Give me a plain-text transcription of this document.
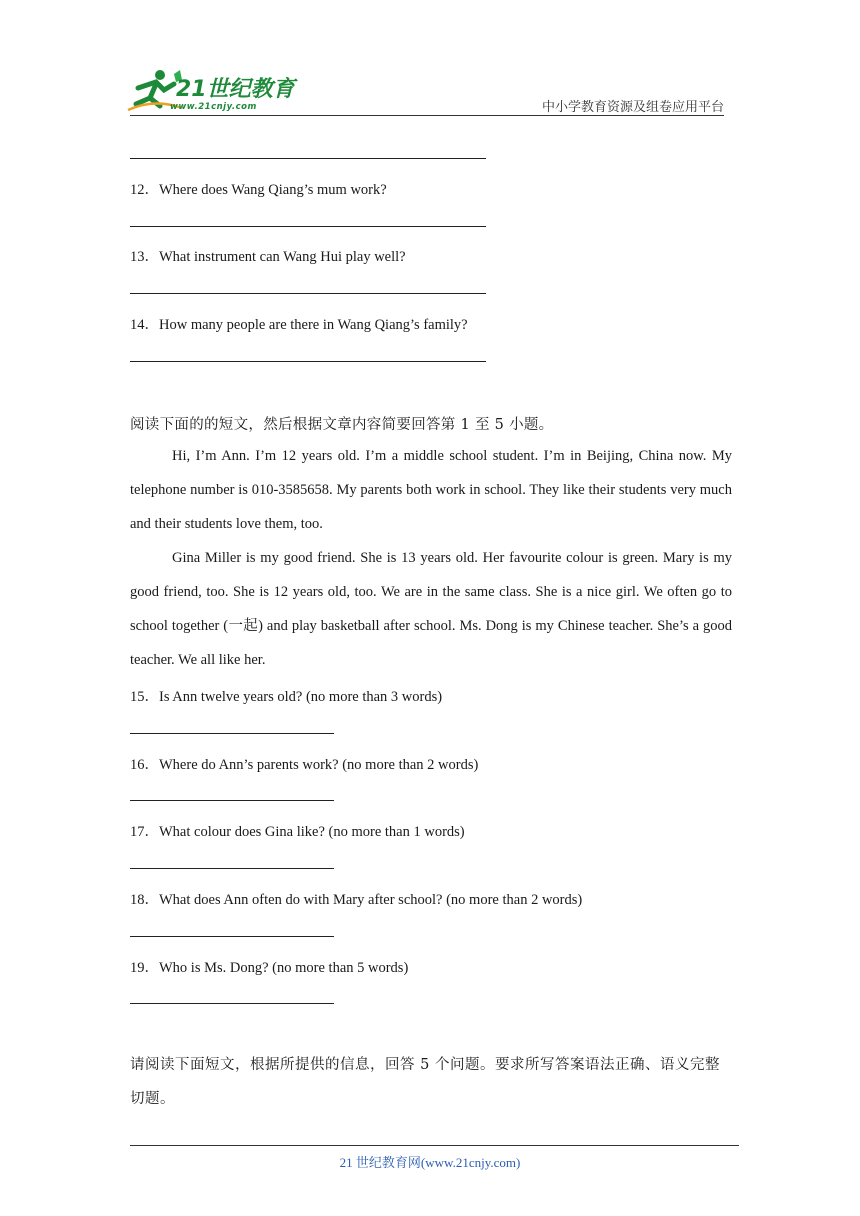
21世纪教育
www.21cnjy.com	中小学教育资源及组卷应用平台
12．Where does Wang Qiang’s mum work?
13．What instrument can Wang Hui play well?
14．How many people are there in Wang Qiang’s family?
阅读下面的的短文，然后根据文章内容简要回答第 1 至 5 小题。
Hi, I’m Ann. I’m 12 years old. I’m a middle school student. I’m in Beijing, China now. My telephone number is 010-3585658. My parents both work in school. They like their students very much and their students love them, too.
Gina Miller is my good friend. She is 13 years old. Her favourite colour is green. Mary is my good friend, too. She is 12 years old, too. We are in the same class. She is a nice girl. We often go to school together (一起) and play basketball after school. Ms. Dong is my Chinese teacher. She’s a good teacher. We all like her.
15．Is Ann twelve years old? (no more than 3 words)
16．Where do Ann’s parents work? (no more than 2 words)
17．What colour does Gina like? (no more than 1 words)
18．What does Ann often do with Mary after school? (no more than 2 words)
19．Who is Ms. Dong? (no more than 5 words)
请阅读下面短文，根据所提供的信息，回答 5 个问题。要求所写答案语法正确、语义完整切题。
21 世纪教育网(www.21cnjy.com)
